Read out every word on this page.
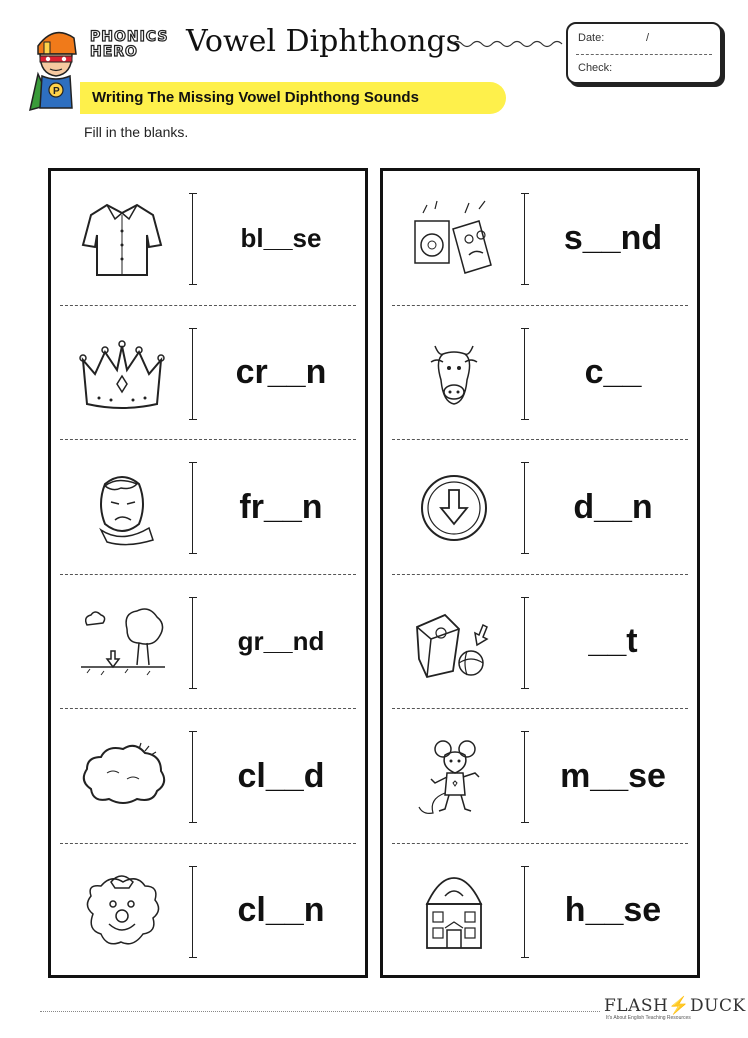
P
PHONICS
HERO	Vowel Diphthongs	Date:	/
Check:
Writing The Missing Vowel Diphthong Sounds
Fill in the blanks.
bl__se
cr__n
fr__n
gr__nd
cl__d
cl__n
s__nd
c__
d__n
__t
m__se
h__se
FLASH⚡DUCK
It's About English Teaching Resources
